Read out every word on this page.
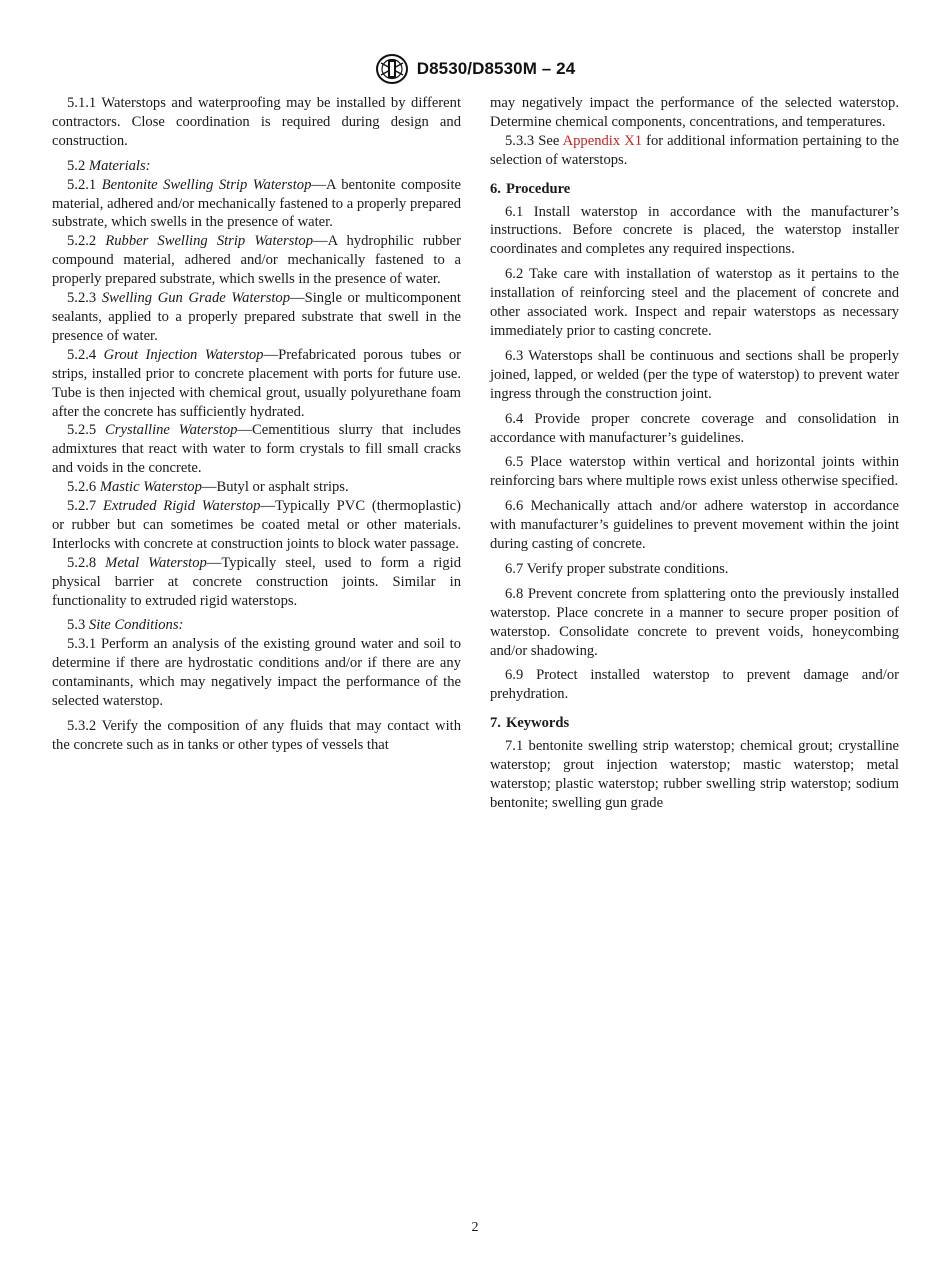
D8530/D8530M – 24

5.1.1 Waterstops and waterproofing may be installed by different contractors. Close coordination is required during design and construction.

5.2 Materials:

5.2.1 Bentonite Swelling Strip Waterstop—A bentonite composite material, adhered and/or mechanically fastened to a properly prepared substrate, which swells in the presence of water.

5.2.2 Rubber Swelling Strip Waterstop—A hydrophilic rubber compound material, adhered and/or mechanically fastened to a properly prepared substrate, which swells in the presence of water.

5.2.3 Swelling Gun Grade Waterstop—Single or multicomponent sealants, applied to a properly prepared substrate that swell in the presence of water.

5.2.4 Grout Injection Waterstop—Prefabricated porous tubes or strips, installed prior to concrete placement with ports for future use. Tube is then injected with chemical grout, usually polyurethane foam after the concrete has sufficiently hydrated.

5.2.5 Crystalline Waterstop—Cementitious slurry that includes admixtures that react with water to form crystals to fill small cracks and voids in the concrete.

5.2.6 Mastic Waterstop—Butyl or asphalt strips.

5.2.7 Extruded Rigid Waterstop—Typically PVC (thermoplastic) or rubber but can sometimes be coated metal or other materials. Interlocks with concrete at construction joints to block water passage.

5.2.8 Metal Waterstop—Typically steel, used to form a rigid physical barrier at concrete construction joints. Similar in functionality to extruded rigid waterstops.

5.3 Site Conditions:

5.3.1 Perform an analysis of the existing ground water and soil to determine if there are hydrostatic conditions and/or if there are any contaminants, which may negatively impact the performance of the selected waterstop.

5.3.2 Verify the composition of any fluids that may contact with the concrete such as in tanks or other types of vessels that

may negatively impact the performance of the selected waterstop. Determine chemical components, concentrations, and temperatures.

5.3.3 See Appendix X1 for additional information pertaining to the selection of waterstops.

6. Procedure

6.1 Install waterstop in accordance with the manufacturer’s instructions. Before concrete is placed, the waterstop installer coordinates and completes any required inspections.

6.2 Take care with installation of waterstop as it pertains to the installation of reinforcing steel and the placement of concrete and other associated work. Inspect and repair waterstops as necessary immediately prior to casting concrete.

6.3 Waterstops shall be continuous and sections shall be properly joined, lapped, or welded (per the type of waterstop) to prevent water ingress through the construction joint.

6.4 Provide proper concrete coverage and consolidation in accordance with manufacturer’s guidelines.

6.5 Place waterstop within vertical and horizontal joints within reinforcing bars where multiple rows exist unless otherwise specified.

6.6 Mechanically attach and/or adhere waterstop in accordance with manufacturer’s guidelines to prevent movement within the joint during casting of concrete.

6.7 Verify proper substrate conditions.

6.8 Prevent concrete from splattering onto the previously installed waterstop. Place concrete in a manner to secure proper position of waterstop. Consolidate concrete to prevent voids, honeycombing and/or shadowing.

6.9 Protect installed waterstop to prevent damage and/or prehydration.

7. Keywords

7.1 bentonite swelling strip waterstop; chemical grout; crystalline waterstop; grout injection waterstop; mastic waterstop; metal waterstop; plastic waterstop; rubber swelling strip waterstop; sodium bentonite; swelling gun grade

2
